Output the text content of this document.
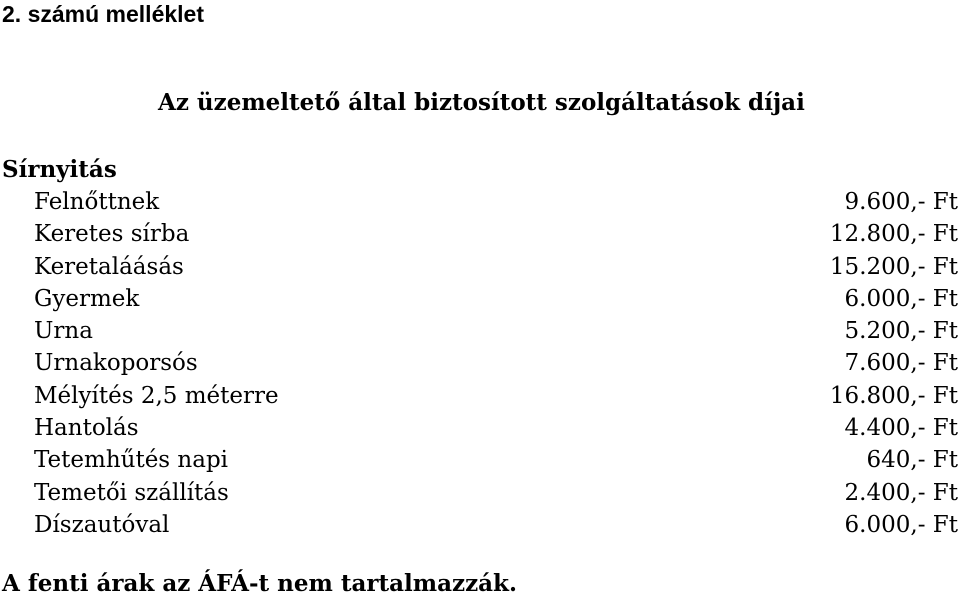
2. számú melléklet
Az üzemeltető által biztosított szolgáltatások díjai
Sírnyitás
Felnőttnek	9.600,- Ft
Keretes sírba	12.800,- Ft
Keretaláásás	15.200,- Ft
Gyermek	6.000,- Ft
Urna	5.200,- Ft
Urnakoporsós	7.600,- Ft
Mélyítés 2,5 méterre	16.800,- Ft
Hantolás	4.400,- Ft
Tetemhűtés napi	640,- Ft
Temetői szállítás	2.400,- Ft
Díszautóval	6.000,- Ft
A fenti árak az ÁFÁ-t nem tartalmazzák.
